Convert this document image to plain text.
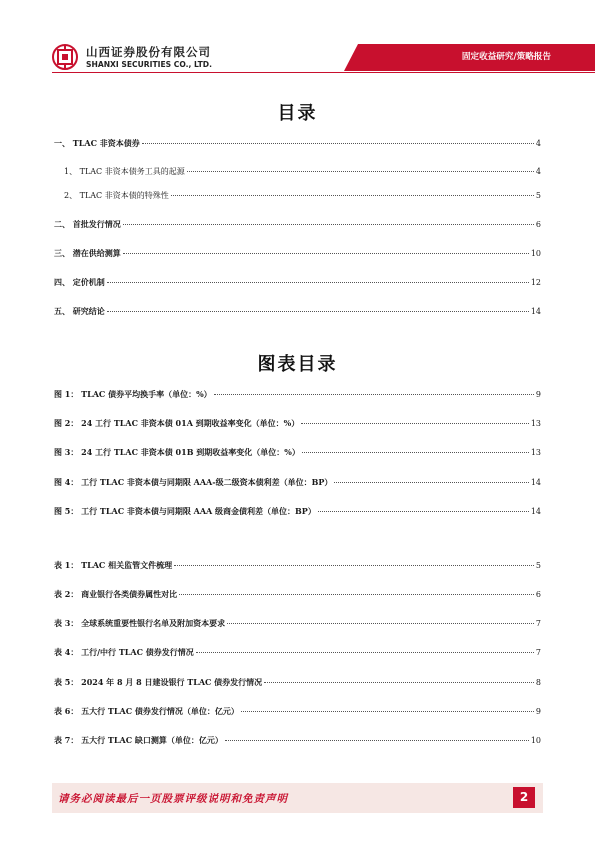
山西证券股份有限公司
SHANXI SECURITIES CO., LTD.
固定收益研究/策略报告
目录
一、 TLAC 非资本债券	4
1、 TLAC 非资本债务工具的起源	4
2、 TLAC 非资本债的特殊性	5
二、 首批发行情况	6
三、 潜在供给测算	10
四、 定价机制	12
五、 研究结论	14
图表目录
图 1： TLAC 债券平均换手率（单位：%）	9
图 2： 24 工行 TLAC 非资本债 01A 到期收益率变化（单位：%）	13
图 3： 24 工行 TLAC 非资本债 01B 到期收益率变化（单位：%）	13
图 4： 工行 TLAC 非资本债与同期限 AAA-级二级资本债利差（单位：BP）	14
图 5： 工行 TLAC 非资本债与同期限 AAA 级商金债利差（单位：BP）	14
表 1： TLAC 相关监管文件梳理	5
表 2： 商业银行各类债券属性对比	6
表 3： 全球系统重要性银行名单及附加资本要求	7
表 4： 工行/中行 TLAC 债券发行情况	7
表 5： 2024 年 8 月 8 日建设银行 TLAC 债券发行情况	8
表 6： 五大行 TLAC 债券发行情况（单位：亿元）	9
表 7： 五大行 TLAC 缺口测算（单位：亿元）	10
请务必阅读最后一页股票评级说明和免责声明	2
